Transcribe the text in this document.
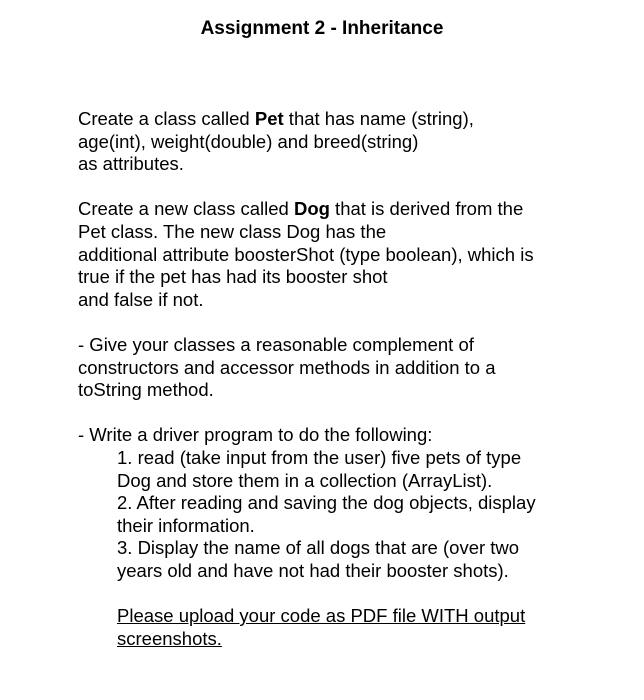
Assignment 2 - Inheritance
Create a class called Pet that has name (string),
age(int), weight(double) and breed(string)
as attributes.
Create a new class called Dog that is derived from the
Pet class. The new class Dog has the
additional attribute boosterShot (type boolean), which is
true if the pet has had its booster shot
and false if not.
- Give your classes a reasonable complement of
constructors and accessor methods in addition to a
toString method.
- Write a driver program to do the following:
1. read (take input from the user) five pets of type
Dog and store them in a collection (ArrayList).
2. After reading and saving the dog objects, display
their information.
3. Display the name of all dogs that are (over two
years old and have not had their booster shots).
Please upload your code as PDF file WITH output
screenshots.
